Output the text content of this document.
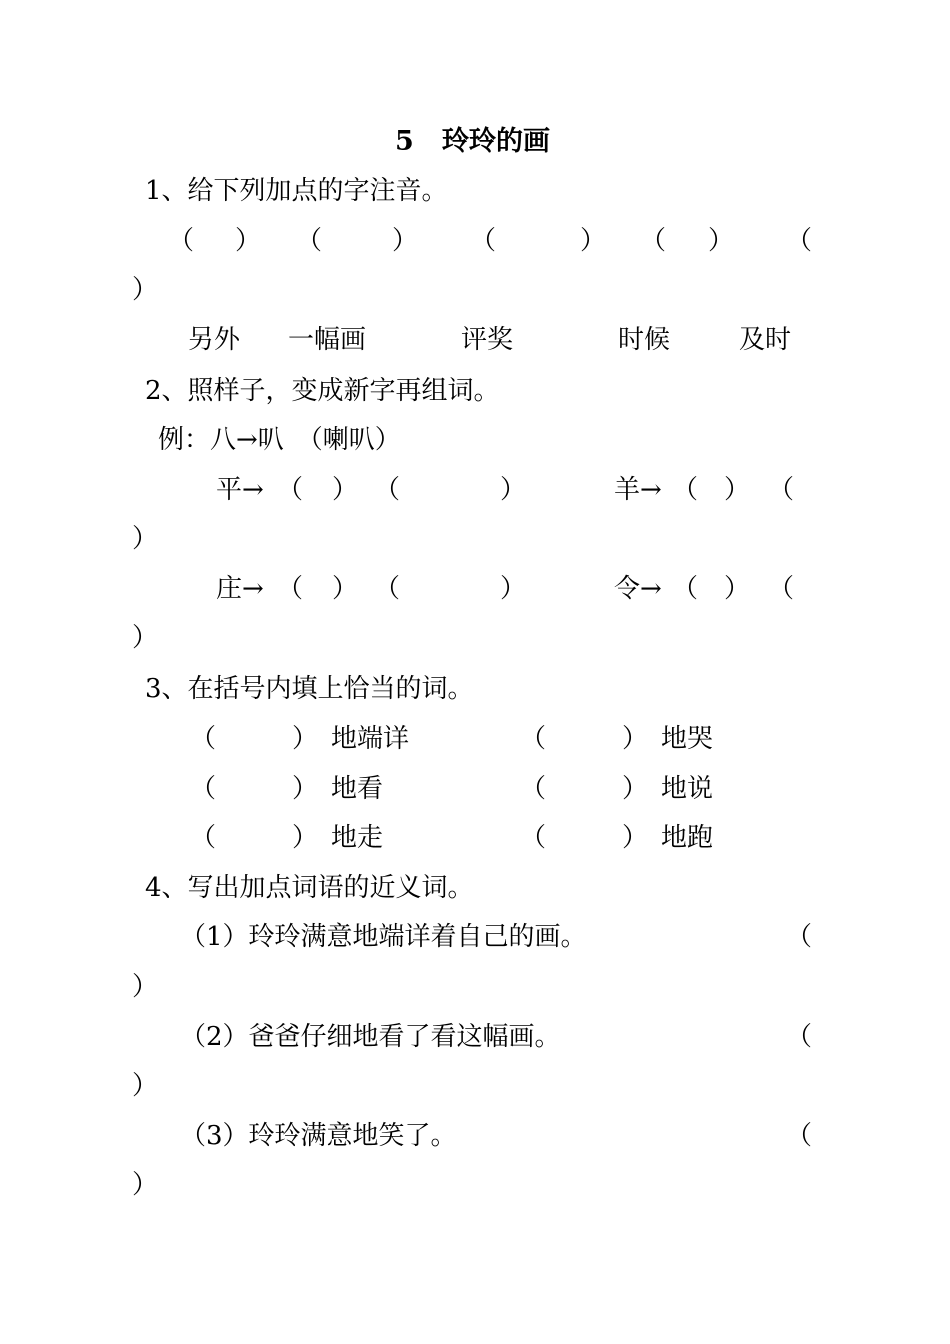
5   玲玲的画
1、给下列加点的字注音。
（ ） （	） （	） （ ） （
）
另外 一幅画	评奖	时候	及时
2、照样子，变成新字再组词。
例：八→叭　（喇叭）
平→ （ ） （	）	羊→ （ ） （
）
庄→ （ ） （	）	令→ （ ） （
）
3、在括号内填上恰当的词。
（	） 地端详	（	） 地哭
（	） 地看	（	） 地说
（	） 地走	（	） 地跑
4、写出加点词语的近义词。
（1）玲玲满意地端详着自己的画。	（
）
（2）爸爸仔细地看了看这幅画。	（
）
（3）玲玲满意地笑了。	（
）
